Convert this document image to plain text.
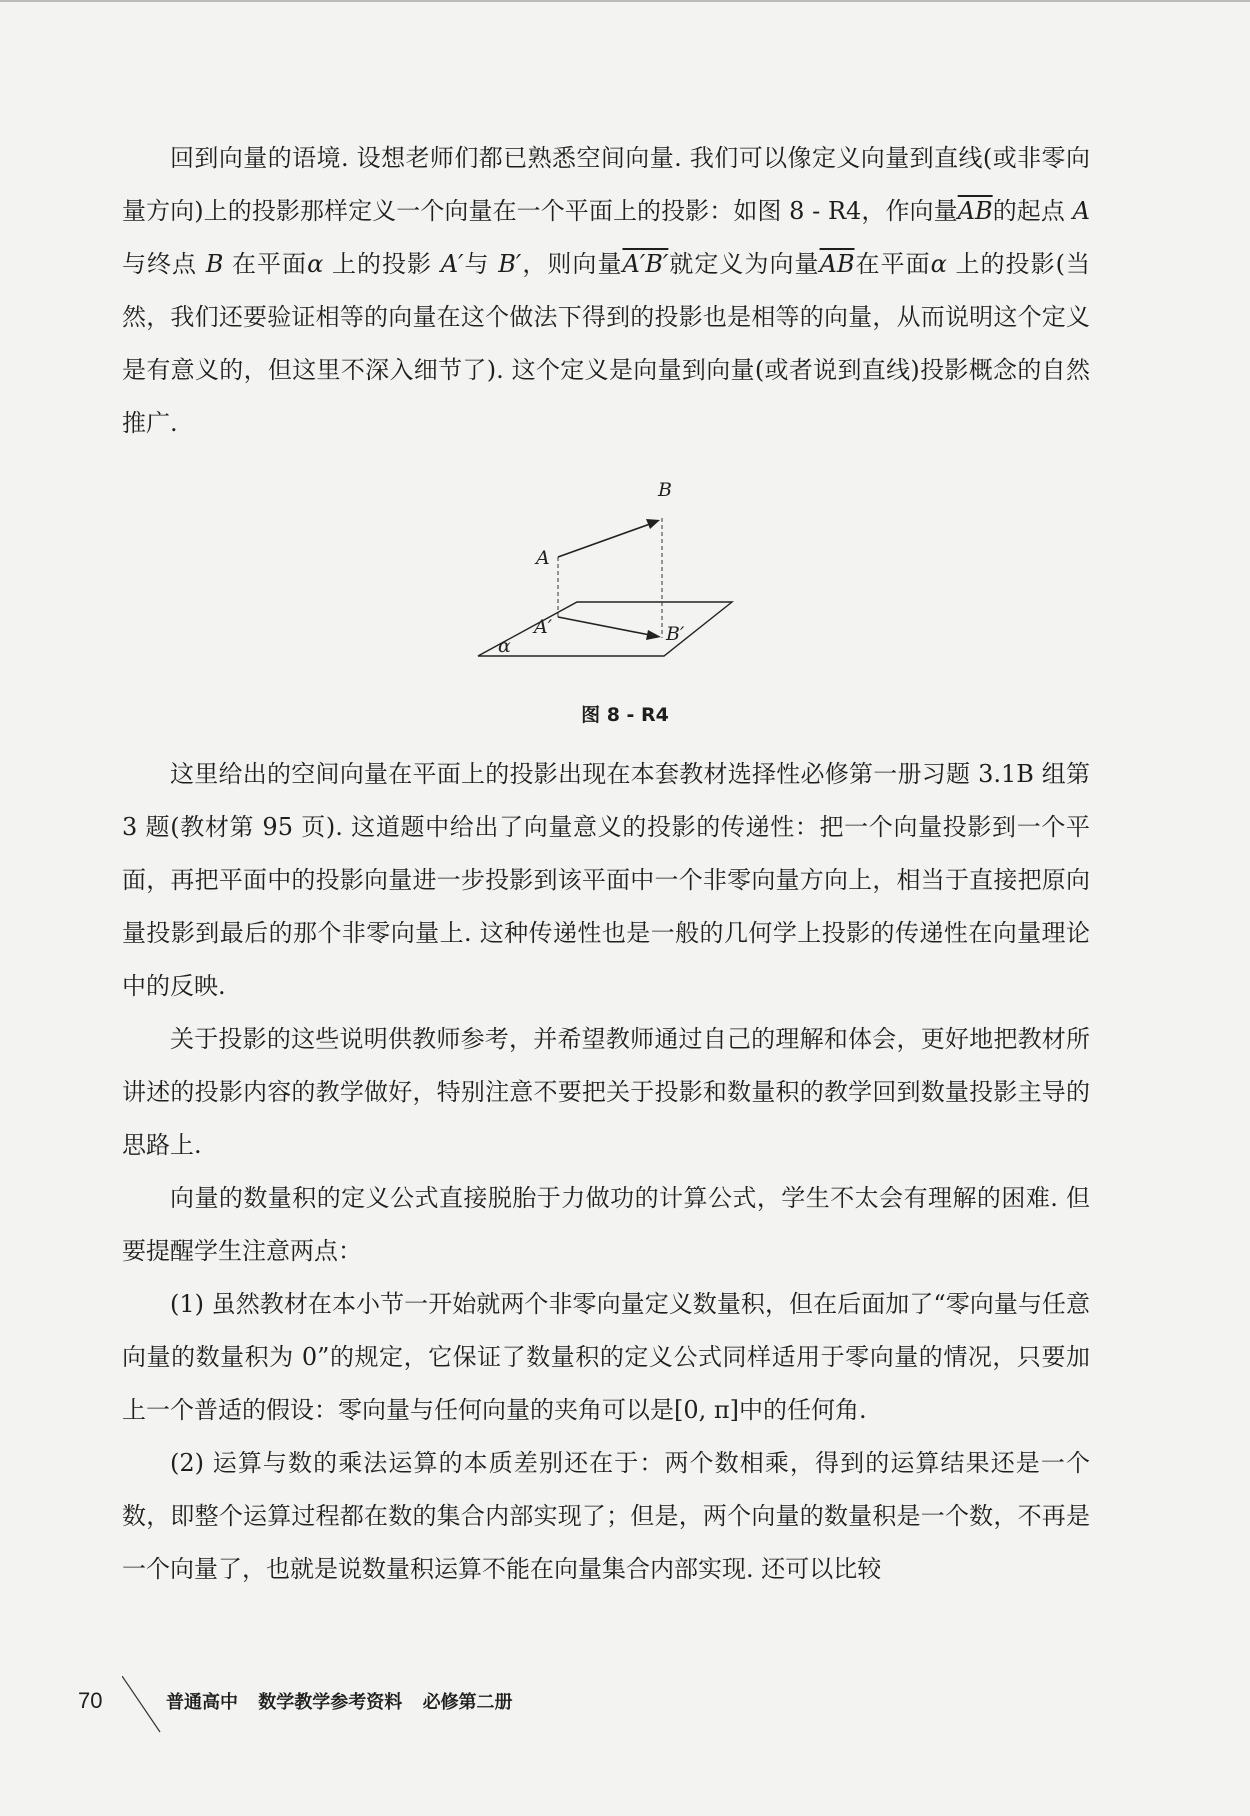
回到向量的语境. 设想老师们都已熟悉空间向量. 我们可以像定义向量到直线(或非零向量方向)上的投影那样定义一个向量在一个平面上的投影：如图 8 - R4，作向量$\overline{AB}$的起点 A 与终点 B 在平面α 上的投影 A′与 B′，则向量A′B′就定义为向量$\overline{AB}$在平面α 上的投影(当然，我们还要验证相等的向量在这个做法下得到的投影也是相等的向量，从而说明这个定义是有意义的，但这里不深入细节了). 这个定义是向量到向量(或者说到直线)投影概念的自然推广.

A
B
A′	B′
α
图 8 - R4

这里给出的空间向量在平面上的投影出现在本套教材选择性必修第一册习题 3.1B 组第 3 题(教材第 95 页). 这道题中给出了向量意义的投影的传递性：把一个向量投影到一个平面，再把平面中的投影向量进一步投影到该平面中一个非零向量方向上，相当于直接把原向量投影到最后的那个非零向量上. 这种传递性也是一般的几何学上投影的传递性在向量理论中的反映.

关于投影的这些说明供教师参考，并希望教师通过自己的理解和体会，更好地把教材所讲述的投影内容的教学做好，特别注意不要把关于投影和数量积的教学回到数量投影主导的思路上.

向量的数量积的定义公式直接脱胎于力做功的计算公式，学生不太会有理解的困难. 但要提醒学生注意两点：

(1) 虽然教材在本小节一开始就两个非零向量定义数量积，但在后面加了“零向量与任意向量的数量积为 0”的规定，它保证了数量积的定义公式同样适用于零向量的情况，只要加上一个普适的假设：零向量与任何向量的夹角可以是[0, π]中的任何角.

(2) 运算与数的乘法运算的本质差别还在于：两个数相乘，得到的运算结果还是一个数，即整个运算过程都在数的集合内部实现了；但是，两个向量的数量积是一个数，不再是一个向量了，也就是说数量积运算不能在向量集合内部实现. 还可以比较

70	普通高中 数学教学参考资料 必修第二册
